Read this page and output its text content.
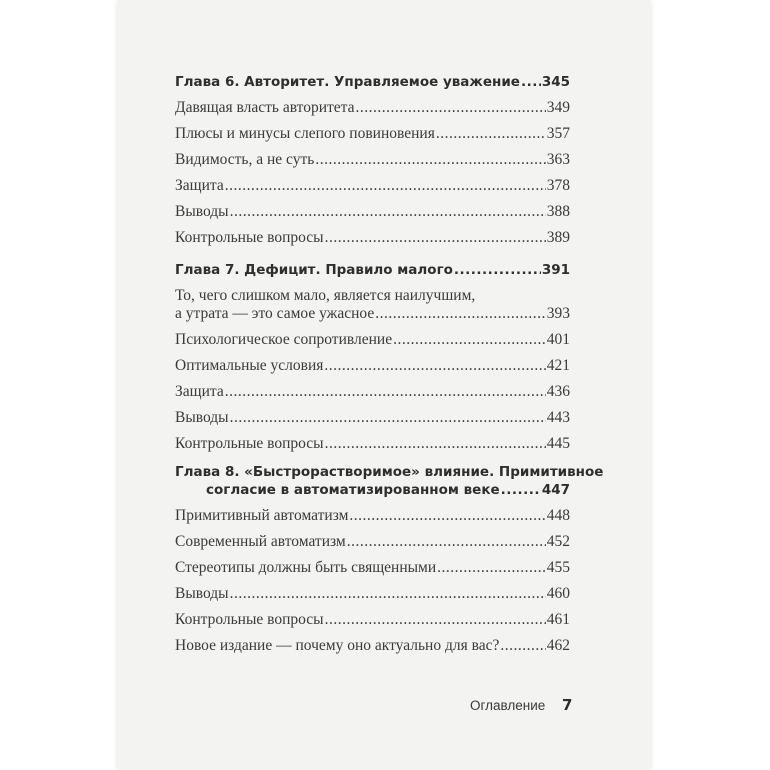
Глава 6. Авторитет. Управляемое уважение ..... 345
Давящая власть авторитета .....	349
Плюсы и минусы слепого повиновения .....	357
Видимость, а не суть .....	363
Защита .....	378
Выводы .....	388
Контрольные вопросы .....	389
Глава 7. Дефицит. Правило малого .....	391
То, чего слишком мало, является наилучшим,
а утрата — это самое ужасное .....	393
Психологическое сопротивление .....	401
Оптимальные условия .....	421
Защита .....	436
Выводы .....	443
Контрольные вопросы .....	445
Глава 8. «Быстрорастворимое» влияние. Примитивное
согласие в автоматизированном веке .....	447
Примитивный автоматизм .....	448
Современный автоматизм .....	452
Стереотипы должны быть священными .....	455
Выводы .....	460
Контрольные вопросы .....	461
Новое издание — почему оно актуально для вас? .....	462
Оглавление 7
